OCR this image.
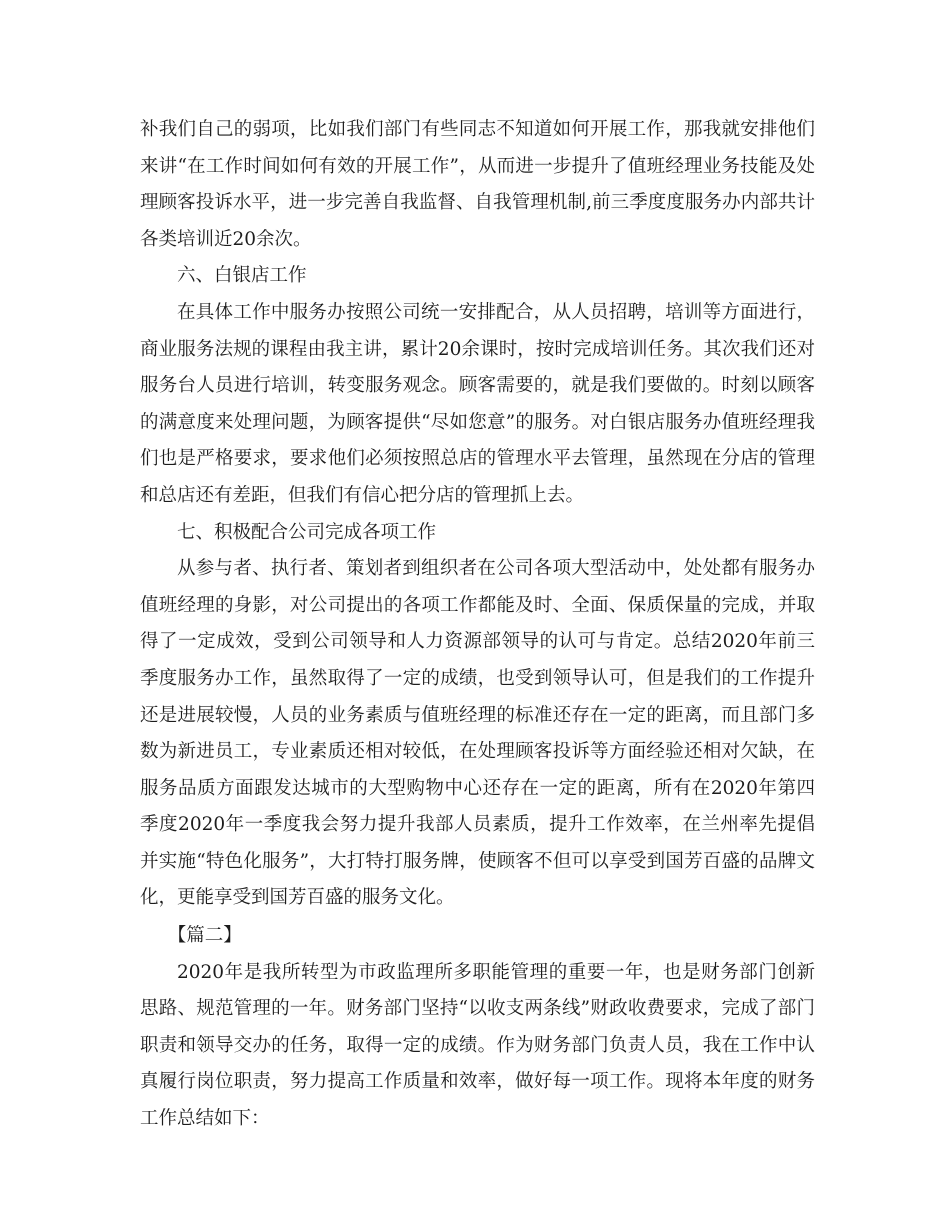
补我们自己的弱项，比如我们部门有些同志不知道如何开展工作，那我就安排他们来讲“在工作时间如何有效的开展工作”，从而进一步提升了值班经理业务技能及处理顾客投诉水平，进一步完善自我监督、自我管理机制,前三季度度服务办内部共计各类培训近20余次。

六、白银店工作

在具体工作中服务办按照公司统一安排配合，从人员招聘，培训等方面进行，商业服务法规的课程由我主讲，累计20余课时，按时完成培训任务。其次我们还对服务台人员进行培训，转变服务观念。顾客需要的，就是我们要做的。时刻以顾客的满意度来处理问题，为顾客提供“尽如您意”的服务。对白银店服务办值班经理我们也是严格要求，要求他们必须按照总店的管理水平去管理，虽然现在分店的管理和总店还有差距，但我们有信心把分店的管理抓上去。

七、积极配合公司完成各项工作

从参与者、执行者、策划者到组织者在公司各项大型活动中，处处都有服务办值班经理的身影，对公司提出的各项工作都能及时、全面、保质保量的完成，并取得了一定成效，受到公司领导和人力资源部领导的认可与肯定。总结2020年前三季度服务办工作，虽然取得了一定的成绩，也受到领导认可，但是我们的工作提升还是进展较慢，人员的业务素质与值班经理的标准还存在一定的距离，而且部门多数为新进员工，专业素质还相对较低，在处理顾客投诉等方面经验还相对欠缺，在服务品质方面跟发达城市的大型购物中心还存在一定的距离，所有在2020年第四季度2020年一季度我会努力提升我部人员素质，提升工作效率，在兰州率先提倡并实施“特色化服务”，大打特打服务牌，使顾客不但可以享受到国芳百盛的品牌文化，更能享受到国芳百盛的服务文化。

【篇二】

2020年是我所转型为市政监理所多职能管理的重要一年，也是财务部门创新思路、规范管理的一年。财务部门坚持“以收支两条线”财政收费要求，完成了部门职责和领导交办的任务，取得一定的成绩。作为财务部门负责人员，我在工作中认真履行岗位职责，努力提高工作质量和效率，做好每一项工作。现将本年度的财务工作总结如下：
